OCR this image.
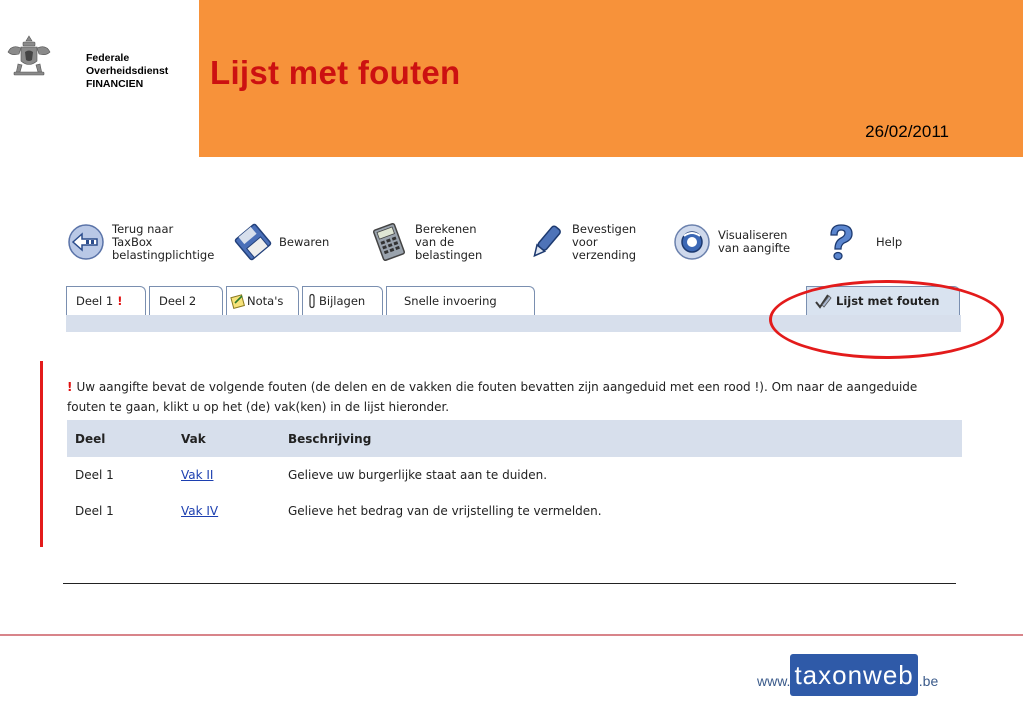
Federale
Overheidsdienst
FINANCIEN	Lijst met fouten
26/02/2011
Terug naar
TaxBox
belastingplichtige
Bewaren
Berekenen
van de
belastingen
Bevestigen
voor
verzending
Visualiseren
van aangifte	Help
Deel 1 !	Deel 2	Nota's	Bijlagen	Snelle invoering	Lijst met fouten
! Uw aangifte bevat de volgende fouten (de delen en de vakken die fouten bevatten zijn aangeduid met een rood !). Om naar de aangeduide fouten te gaan, klikt u op het (de) vak(ken) in de lijst hieronder.
Deel	Vak	Beschrijving
Deel 1	Vak II	Gelieve uw burgerlijke staat aan te duiden.
Deel 1	Vak IV	Gelieve het bedrag van de vrijstelling te vermelden.
www. taxonweb .be
